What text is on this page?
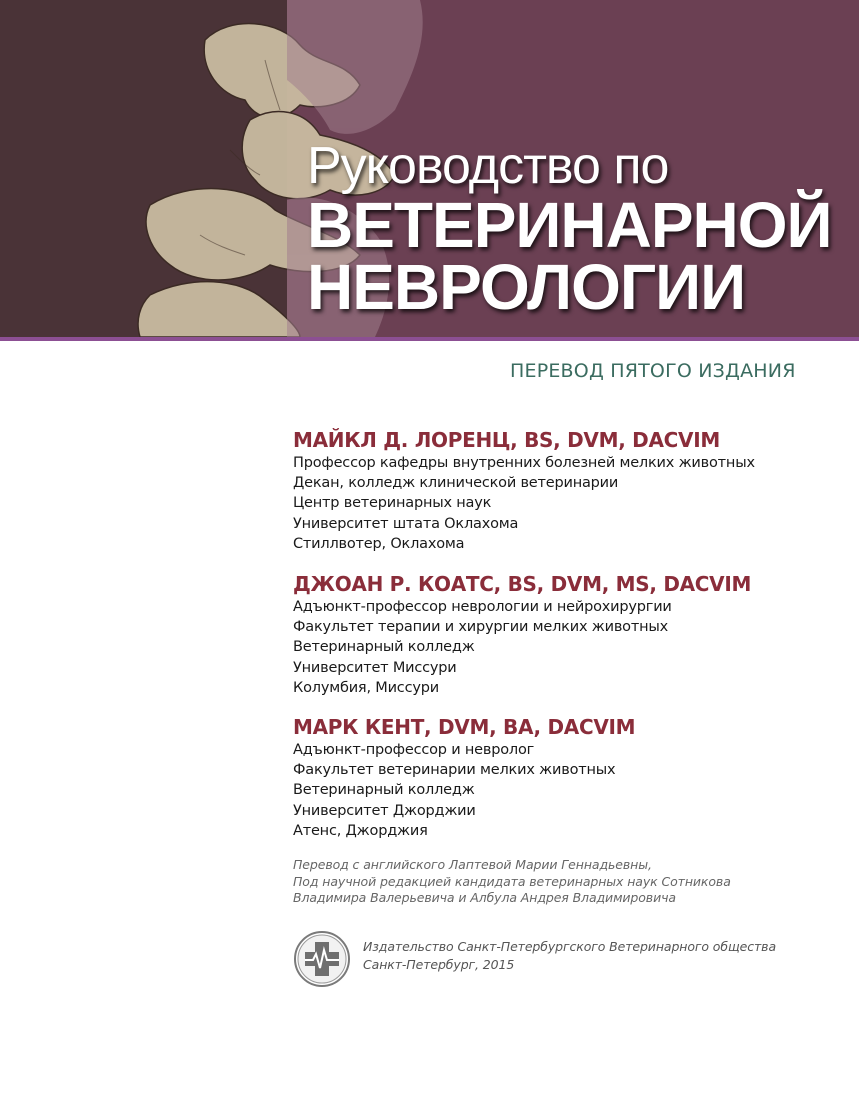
Руководство по
ВЕТЕРИНАРНОЙ
НЕВРОЛОГИИ
ПЕРЕВОД ПЯТОГО ИЗДАНИЯ
МАЙКЛ Д. ЛОРЕНЦ, BS, DVM, DACVIM
Профессор кафедры внутренних болезней мелких животных
Декан, колледж клинической ветеринарии
Центр ветеринарных наук
Университет штата Оклахома
Стиллвотер, Оклахома
ДЖОАН Р. КОАТС, BS, DVM, MS, DACVIM
Адъюнкт-профессор неврологии и нейрохирургии
Факультет терапии и хирургии мелких животных
Ветеринарный колледж
Университет Миссури
Колумбия, Миссури
МАРК КЕНТ, DVM, BA, DACVIM
Адъюнкт-профессор и невролог
Факультет ветеринарии мелких животных
Ветеринарный колледж
Университет Джорджии
Атенс, Джорджия
Перевод с английского Лаптевой Марии Геннадьевны,
Под научной редакцией кандидата ветеринарных наук Сотникова
Владимира Валерьевича и Албула Андрея Владимировича
Издательство Санкт-Петербургского Ветеринарного общества
Санкт-Петербург, 2015
